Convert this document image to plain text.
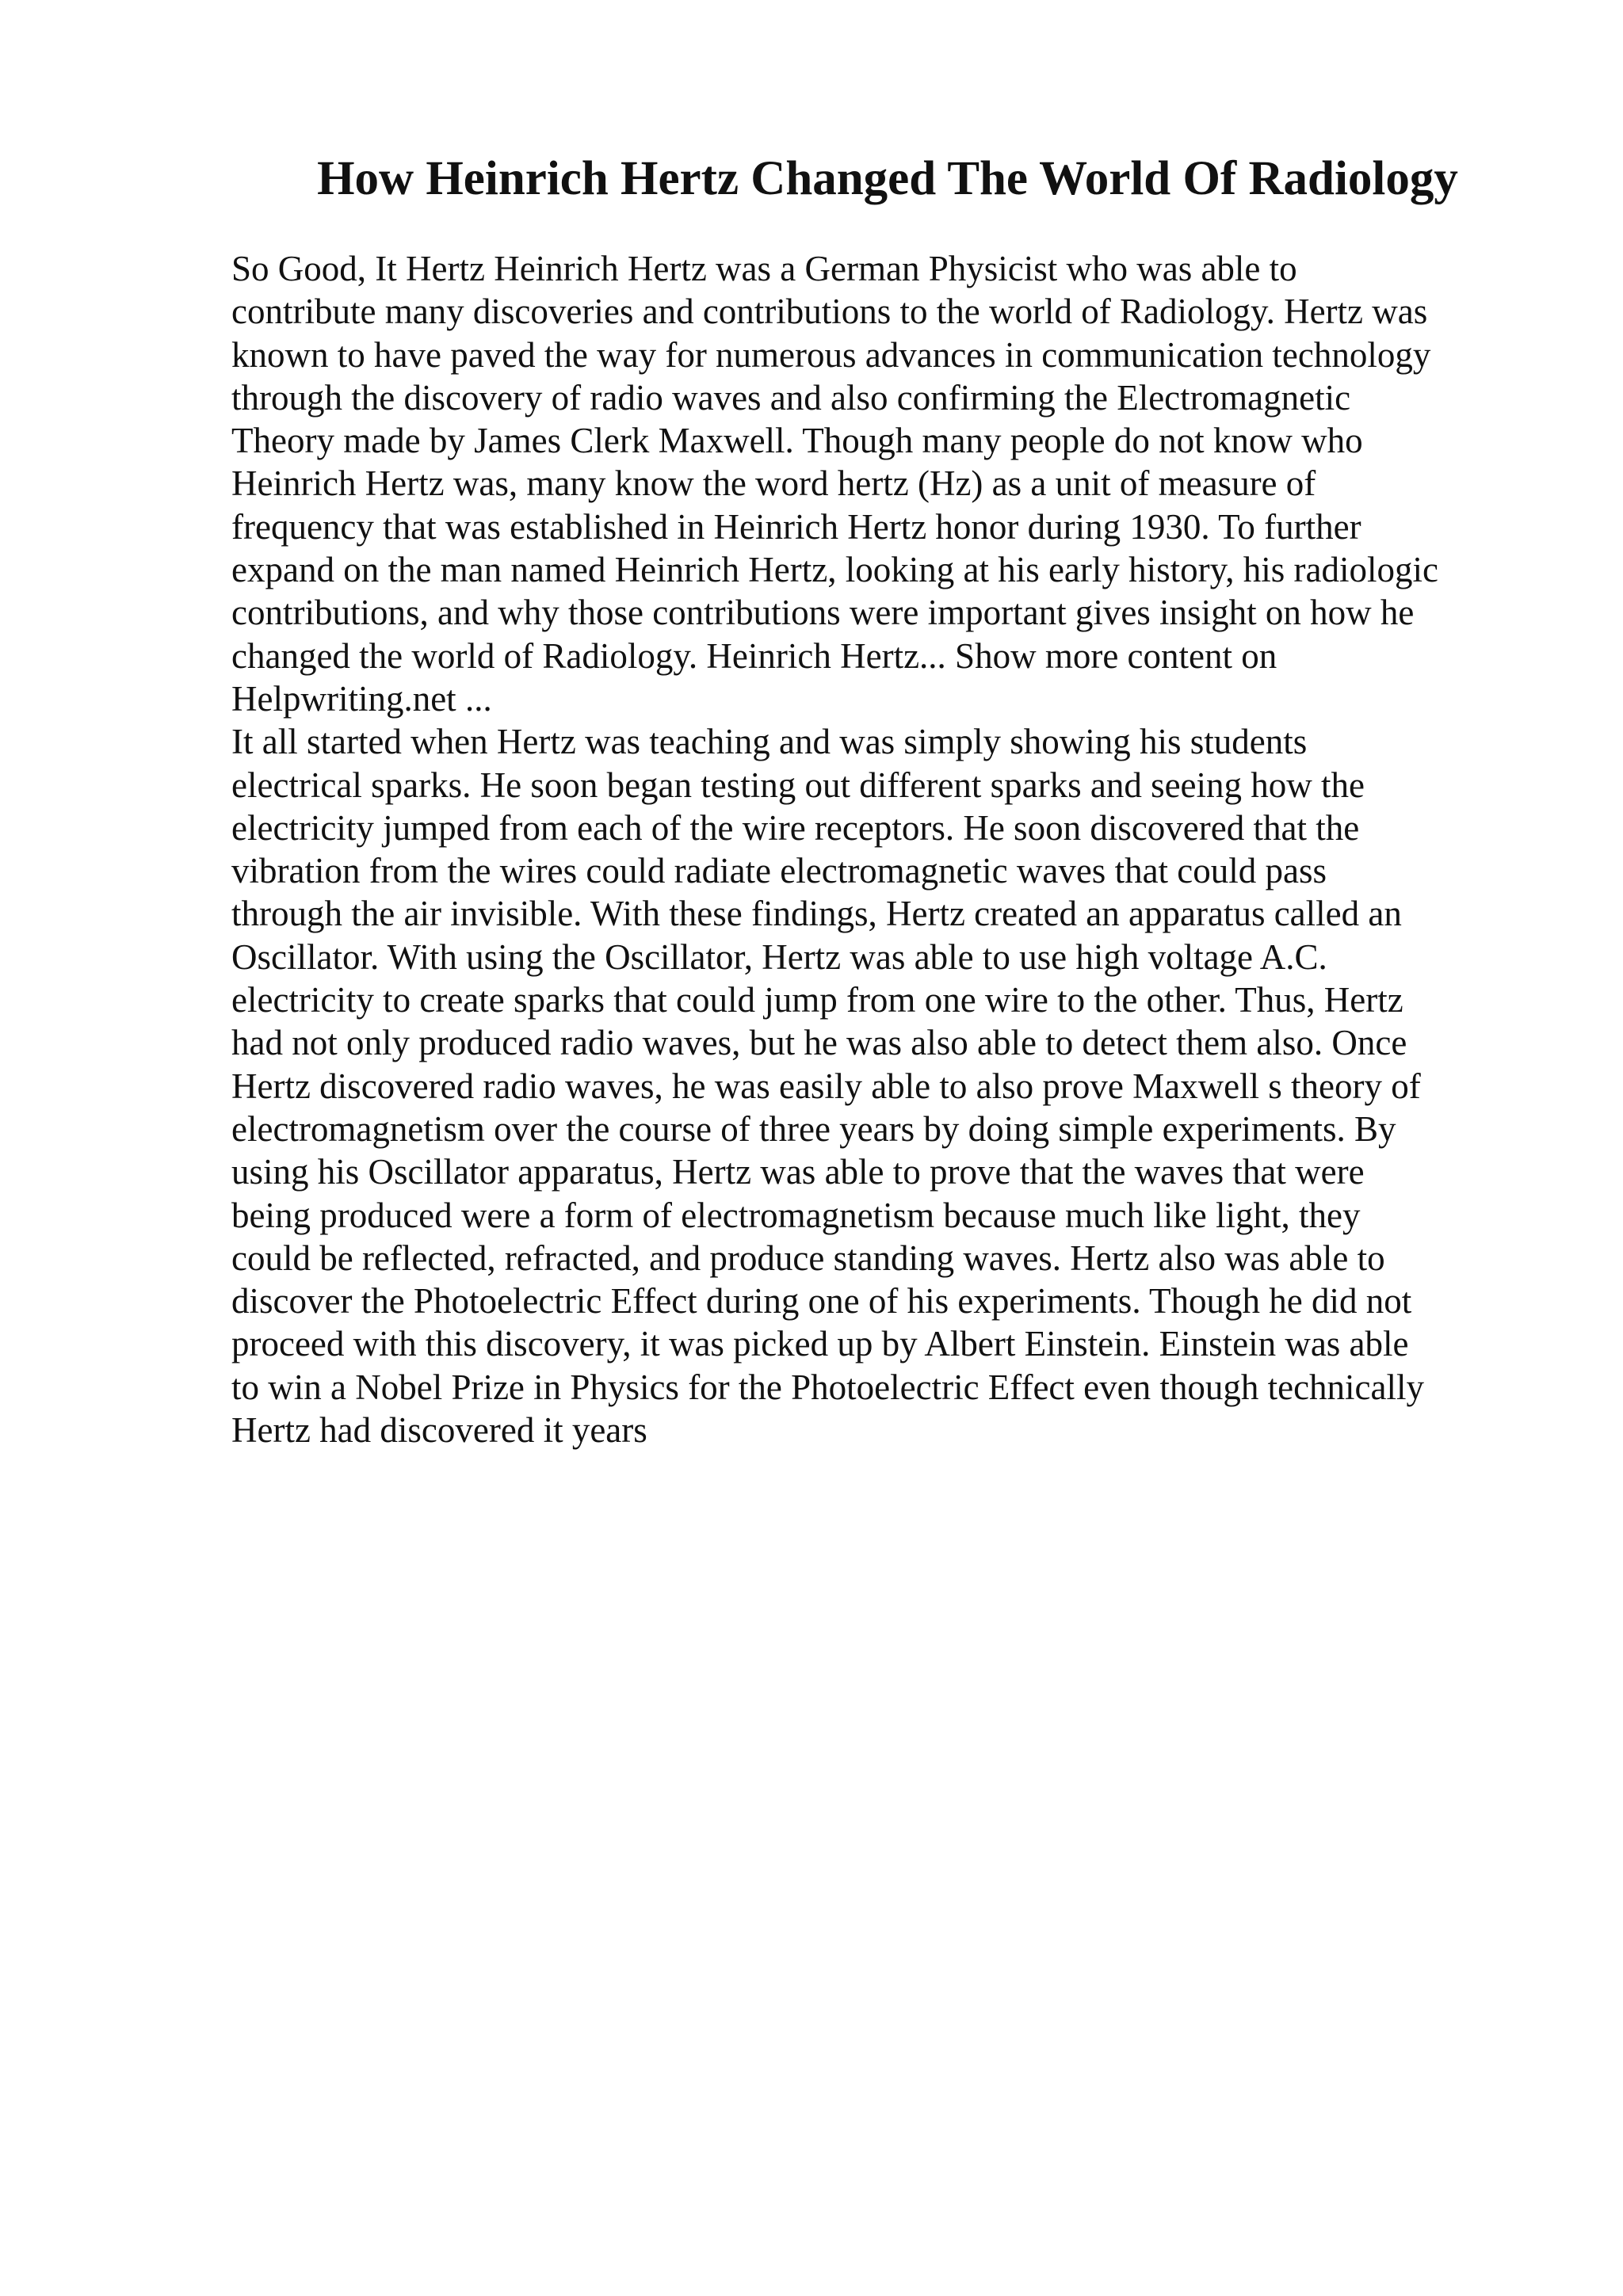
How Heinrich Hertz Changed The World Of Radiology
So Good, It Hertz Heinrich Hertz was a German Physicist who was able to
contribute many discoveries and contributions to the world of Radiology. Hertz was
known to have paved the way for numerous advances in communication technology
through the discovery of radio waves and also confirming the Electromagnetic
Theory made by James Clerk Maxwell. Though many people do not know who
Heinrich Hertz was, many know the word hertz (Hz) as a unit of measure of
frequency that was established in Heinrich Hertz honor during 1930. To further
expand on the man named Heinrich Hertz, looking at his early history, his radiologic
contributions, and why those contributions were important gives insight on how he
changed the world of Radiology. Heinrich Hertz... Show more content on
Helpwriting.net ...
It all started when Hertz was teaching and was simply showing his students
electrical sparks. He soon began testing out different sparks and seeing how the
electricity jumped from each of the wire receptors. He soon discovered that the
vibration from the wires could radiate electromagnetic waves that could pass
through the air invisible. With these findings, Hertz created an apparatus called an
Oscillator. With using the Oscillator, Hertz was able to use high voltage A.C.
electricity to create sparks that could jump from one wire to the other. Thus, Hertz
had not only produced radio waves, but he was also able to detect them also. Once
Hertz discovered radio waves, he was easily able to also prove Maxwell s theory of
electromagnetism over the course of three years by doing simple experiments. By
using his Oscillator apparatus, Hertz was able to prove that the waves that were
being produced were a form of electromagnetism because much like light, they
could be reflected, refracted, and produce standing waves. Hertz also was able to
discover the Photoelectric Effect during one of his experiments. Though he did not
proceed with this discovery, it was picked up by Albert Einstein. Einstein was able
to win a Nobel Prize in Physics for the Photoelectric Effect even though technically
Hertz had discovered it years
